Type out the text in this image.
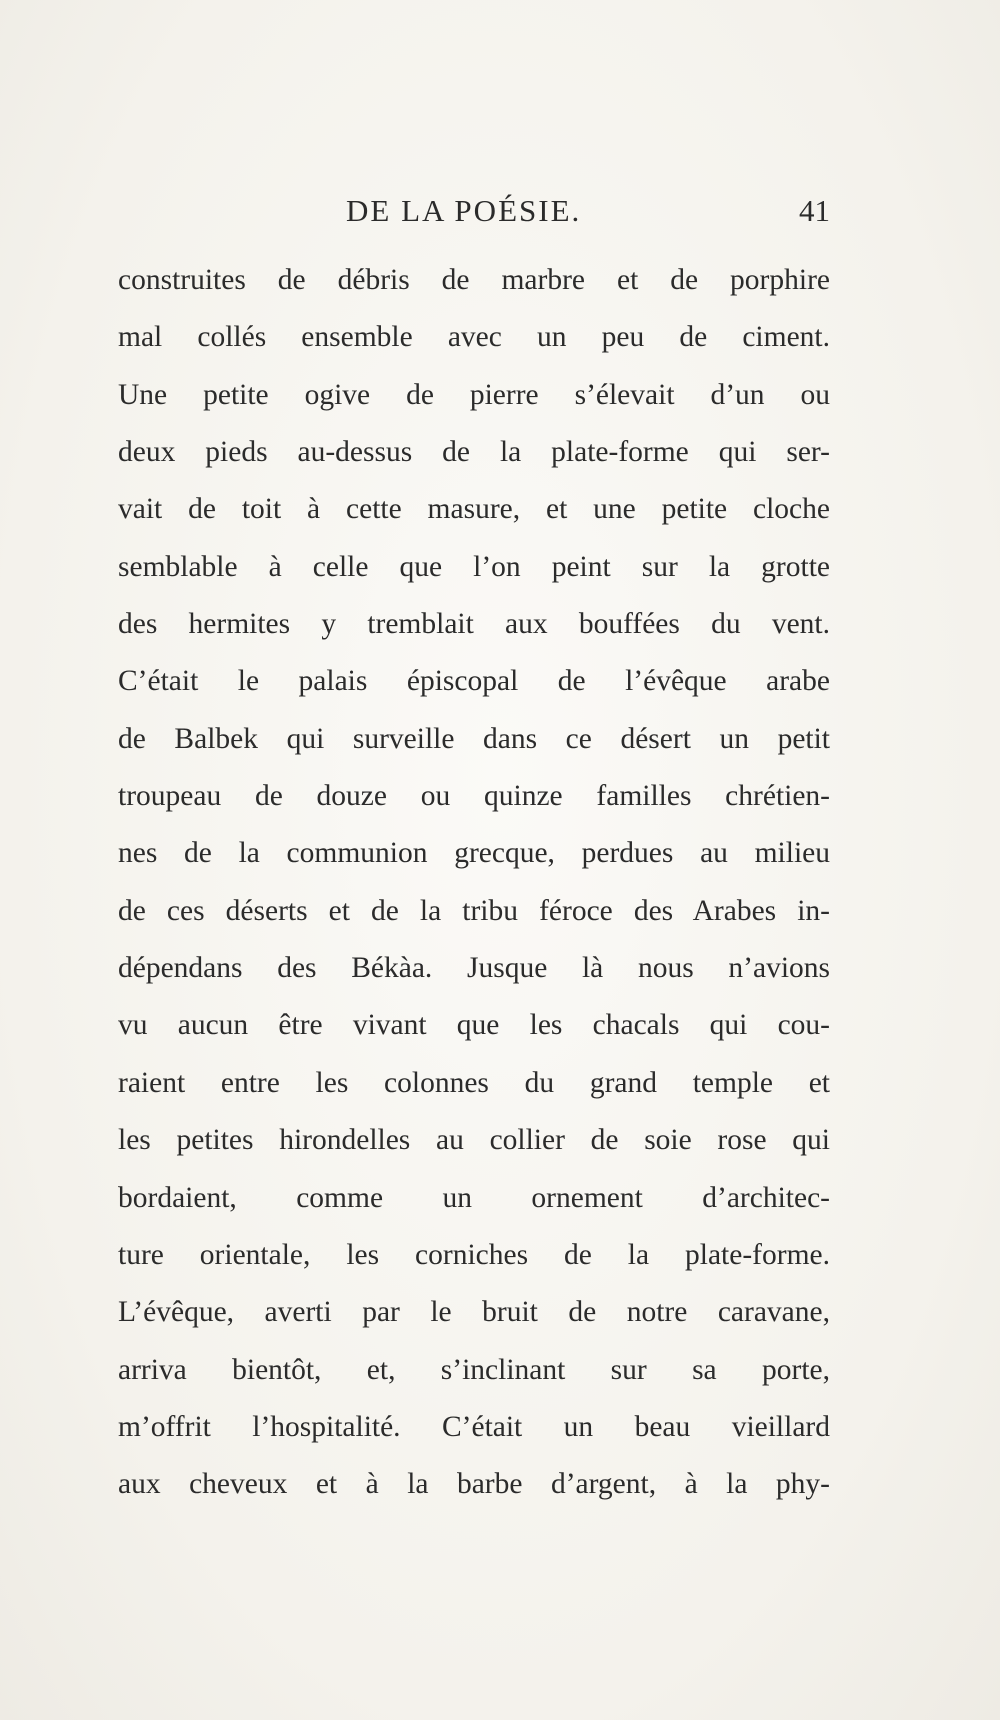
DE LA POÉSIE.	41
construites de débris de marbre et de porphire
mal collés ensemble avec un peu de ciment.
Une petite ogive de pierre s’élevait d’un ou
deux pieds au-dessus de la plate-forme qui ser-
vait de toit à cette masure, et une petite cloche
semblable à celle que l’on peint sur la grotte
des hermites y tremblait aux bouffées du vent.
C’était le palais épiscopal de l’évêque arabe
de Balbek qui surveille dans ce désert un petit
troupeau de douze ou quinze familles chrétien-
nes de la communion grecque, perdues au milieu
de ces déserts et de la tribu féroce des Arabes in-
dépendans des Békàa. Jusque là nous n’avions
vu aucun être vivant que les chacals qui cou-
raient entre les colonnes du grand temple et
les petites hirondelles au collier de soie rose qui
bordaient, comme un ornement d’architec-
ture orientale, les corniches de la plate-forme.
L’évêque, averti par le bruit de notre caravane,
arriva bientôt, et, s’inclinant sur sa porte,
m’offrit l’hospitalité. C’était un beau vieillard
aux cheveux et à la barbe d’argent, à la phy-
